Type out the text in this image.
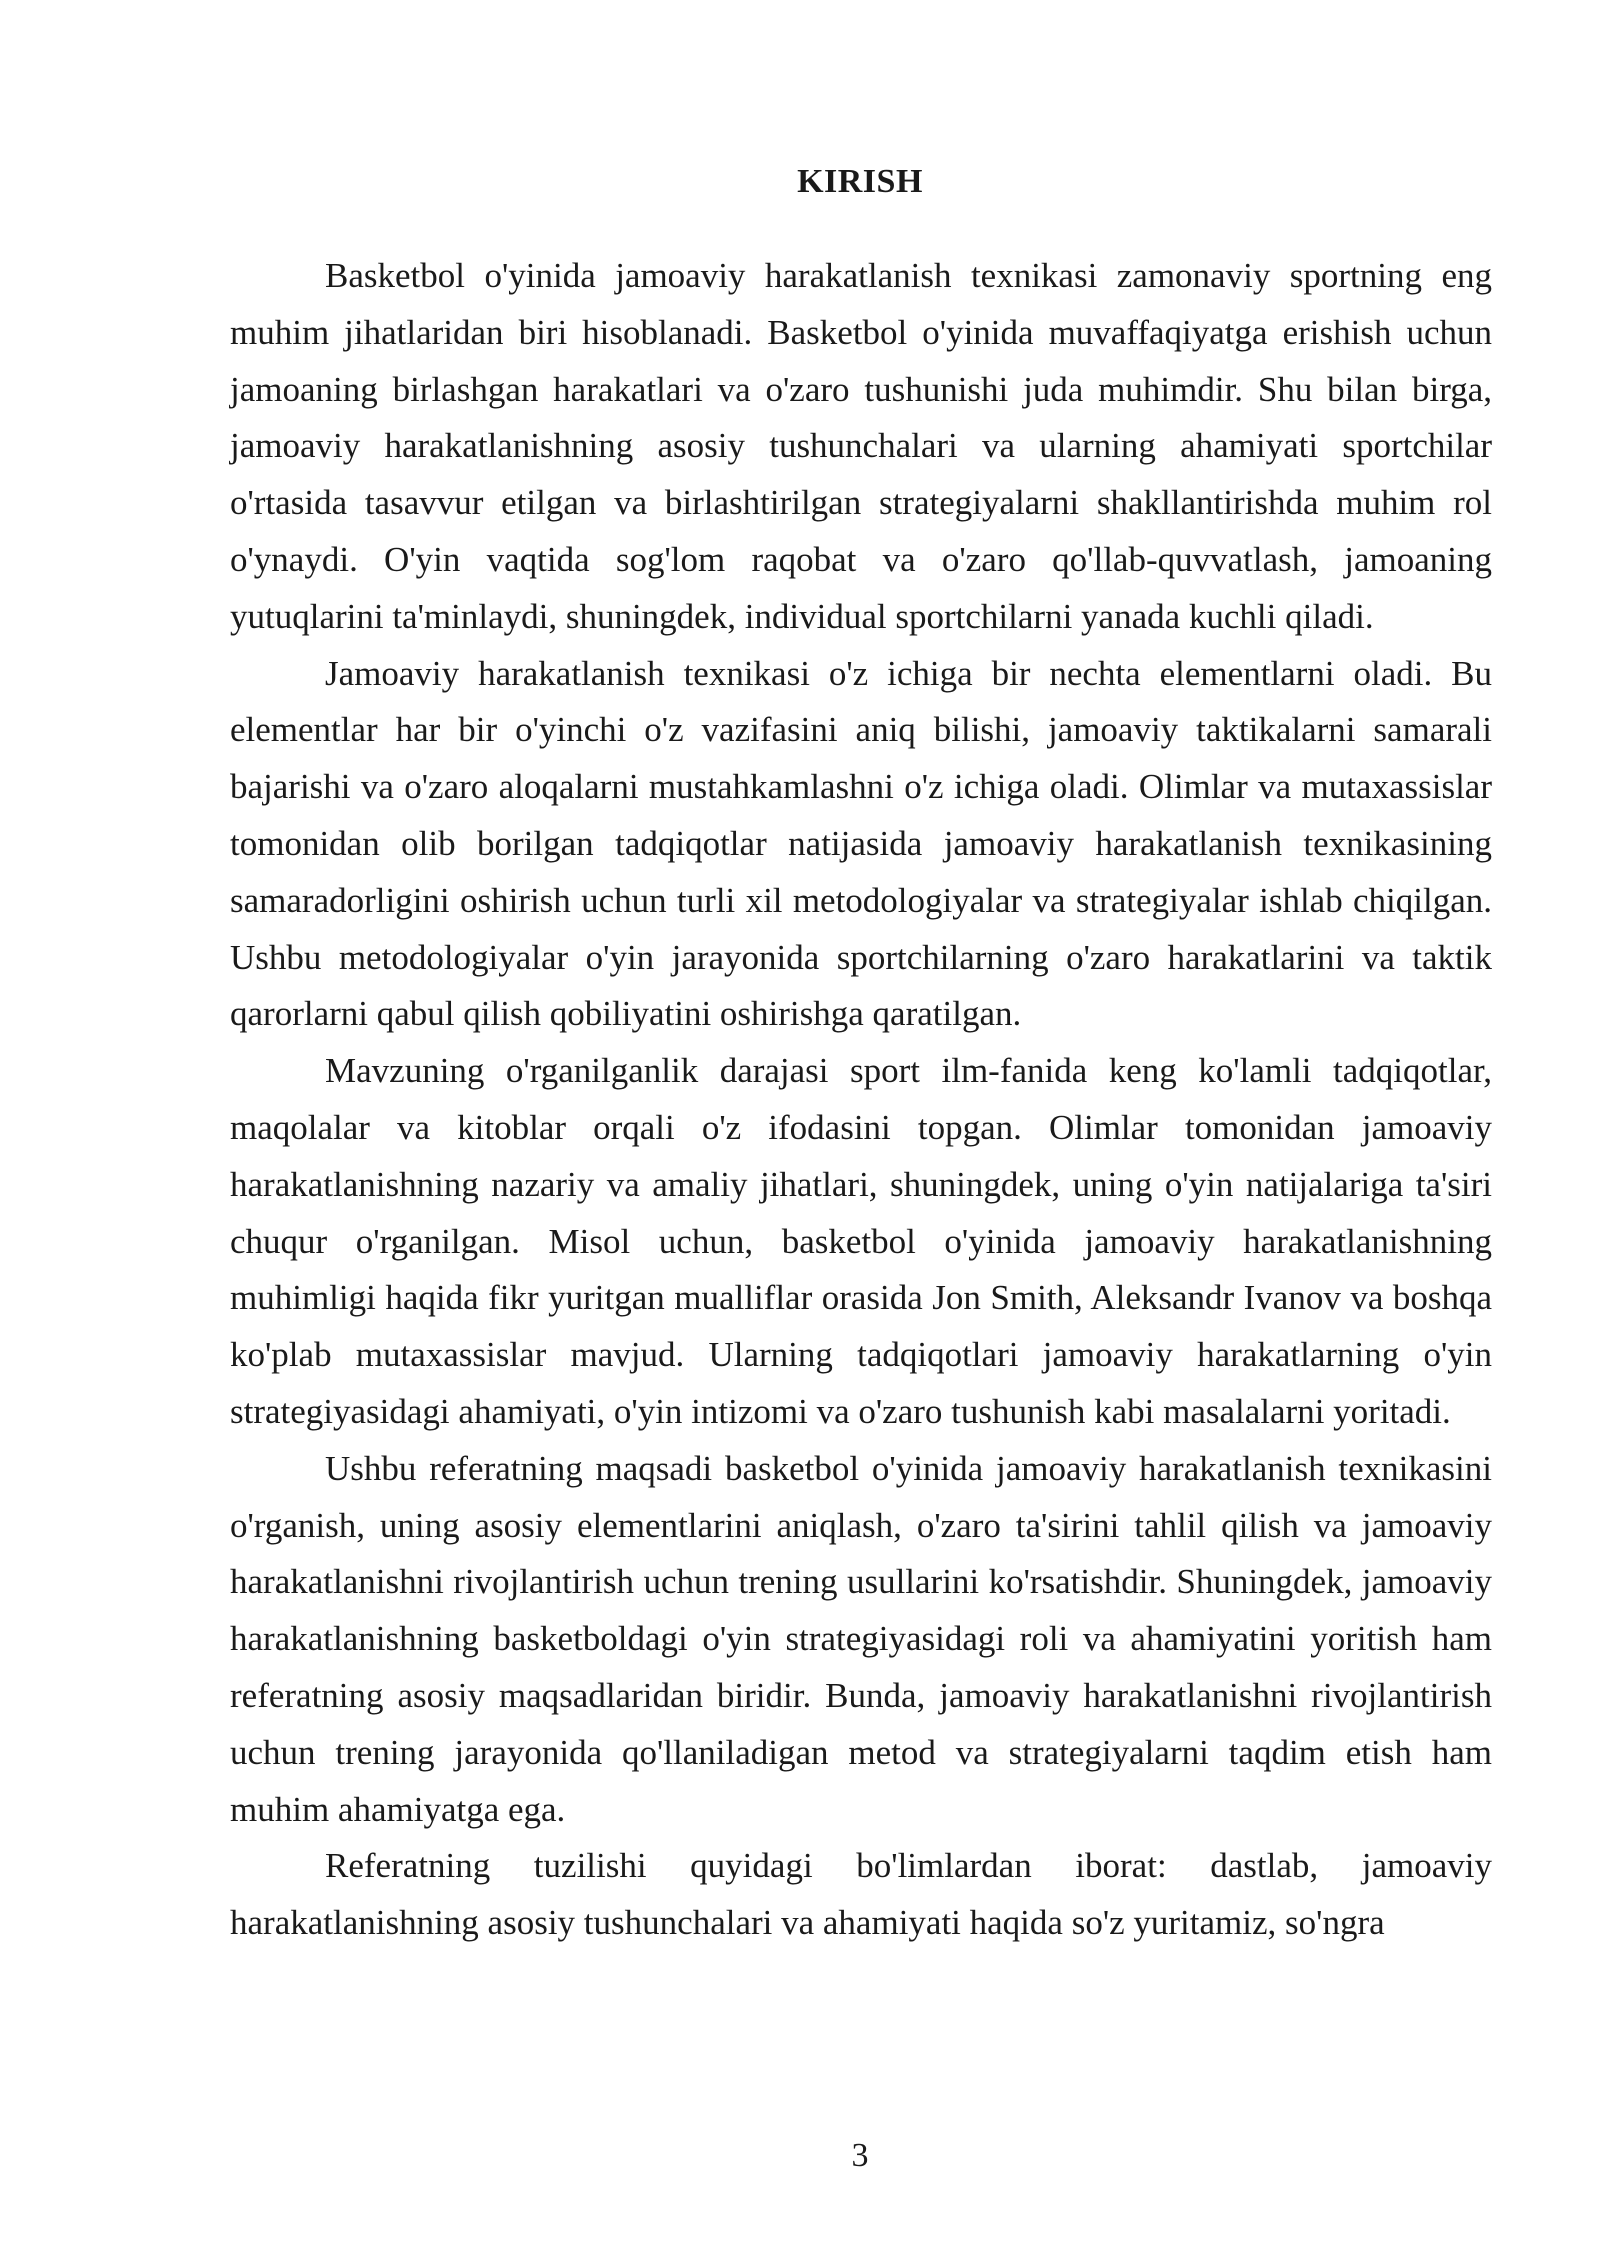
KIRISH

Basketbol o'yinida jamoaviy harakatlanish texnikasi zamonaviy sportning eng muhim jihatlaridan biri hisoblanadi. Basketbol o'yinida muvaffaqiyatga erishish uchun jamoaning birlashgan harakatlari va o'zaro tushunishi juda muhimdir. Shu bilan birga, jamoaviy harakatlanishning asosiy tushunchalari va ularning ahamiyati sportchilar o'rtasida tasavvur etilgan va birlashtirilgan strategiyalarni shakllantirishda muhim rol o'ynaydi. O'yin vaqtida sog'lom raqobat va o'zaro qo'llab-quvvatlash, jamoaning yutuqlarini ta'minlaydi, shuningdek, individual sportchilarni yanada kuchli qiladi.

Jamoaviy harakatlanish texnikasi o'z ichiga bir nechta elementlarni oladi. Bu elementlar har bir o'yinchi o'z vazifasini aniq bilishi, jamoaviy taktikalarni samarali bajarishi va o'zaro aloqalarni mustahkamlashni o'z ichiga oladi. Olimlar va mutaxassislar tomonidan olib borilgan tadqiqotlar natijasida jamoaviy harakatlanish texnikasining samaradorligini oshirish uchun turli xil metodologiyalar va strategiyalar ishlab chiqilgan. Ushbu metodologiyalar o'yin jarayonida sportchilarning o'zaro harakatlarini va taktik qarorlarni qabul qilish qobiliyatini oshirishga qaratilgan.

Mavzuning o'rganilganlik darajasi sport ilm-fanida keng ko'lamli tadqiqotlar, maqolalar va kitoblar orqali o'z ifodasini topgan. Olimlar tomonidan jamoaviy harakatlanishning nazariy va amaliy jihatlari, shuningdek, uning o'yin natijalariga ta'siri chuqur o'rganilgan. Misol uchun, basketbol o'yinida jamoaviy harakatlanishning muhimligi haqida fikr yuritgan mualliflar orasida Jon Smith, Aleksandr Ivanov va boshqa ko'plab mutaxassislar mavjud. Ularning tadqiqotlari jamoaviy harakatlarning o'yin strategiyasidagi ahamiyati, o'yin intizomi va o'zaro tushunish kabi masalalarni yoritadi.

Ushbu referatning maqsadi basketbol o'yinida jamoaviy harakatlanish texnikasini o'rganish, uning asosiy elementlarini aniqlash, o'zaro ta'sirini tahlil qilish va jamoaviy harakatlanishni rivojlantirish uchun trening usullarini ko'rsatishdir. Shuningdek, jamoaviy harakatlanishning basketboldagi o'yin strategiyasidagi roli va ahamiyatini yoritish ham referatning asosiy maqsadlaridan biridir. Bunda, jamoaviy harakatlanishni rivojlantirish uchun trening jarayonida qo'llaniladigan metod va strategiyalarni taqdim etish ham muhim ahamiyatga ega.

Referatning tuzilishi quyidagi bo'limlardan iborat: dastlab, jamoaviy harakatlanishning asosiy tushunchalari va ahamiyati haqida so'z yuritamiz, so'ngra

3
